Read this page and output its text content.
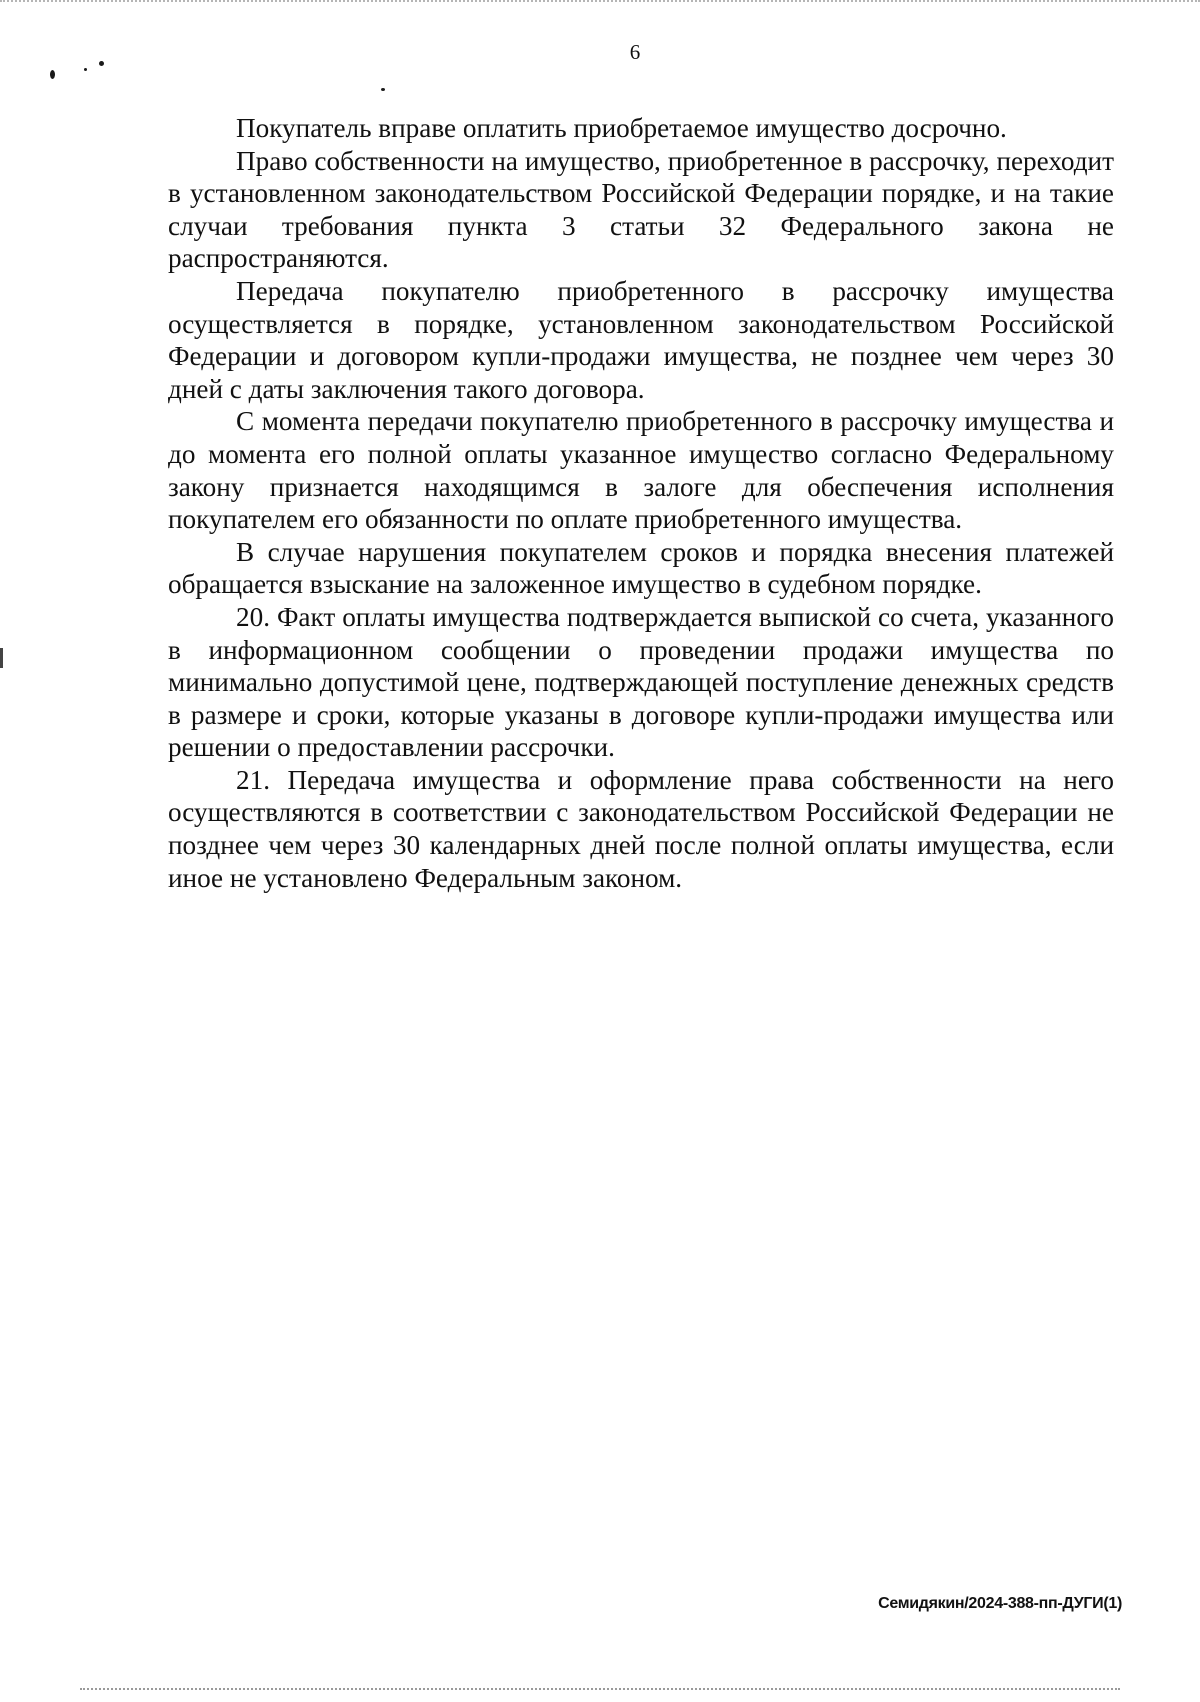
6

Покупатель вправе оплатить приобретаемое имущество досрочно.

Право собственности на имущество, приобретенное в рассрочку, переходит в установленном законодательством Российской Федерации порядке, и на такие случаи требования пункта 3 статьи 32 Федерального закона не распространяются.

Передача покупателю приобретенного в рассрочку имущества осуществляется в порядке, установленном законодательством Российской Федерации и договором купли-продажи имущества, не позднее чем через 30 дней с даты заключения такого договора.

С момента передачи покупателю приобретенного в рассрочку имущества и до момента его полной оплаты указанное имущество согласно Федеральному закону признается находящимся в залоге для обеспечения исполнения покупателем его обязанности по оплате приобретенного имущества.

В случае нарушения покупателем сроков и порядка внесения платежей обращается взыскание на заложенное имущество в судебном порядке.

20. Факт оплаты имущества подтверждается выпиской со счета, указанного в информационном сообщении о проведении продажи имущества по минимально допустимой цене, подтверждающей поступление денежных средств в размере и сроки, которые указаны в договоре купли-продажи имущества или решении о предоставлении рассрочки.

21. Передача имущества и оформление права собственности на него осуществляются в соответствии с законодательством Российской Федерации не позднее чем через 30 календарных дней после полной оплаты имущества, если иное не установлено Федеральным законом.

Семидякин/2024-388-пп-ДУГИ(1)
